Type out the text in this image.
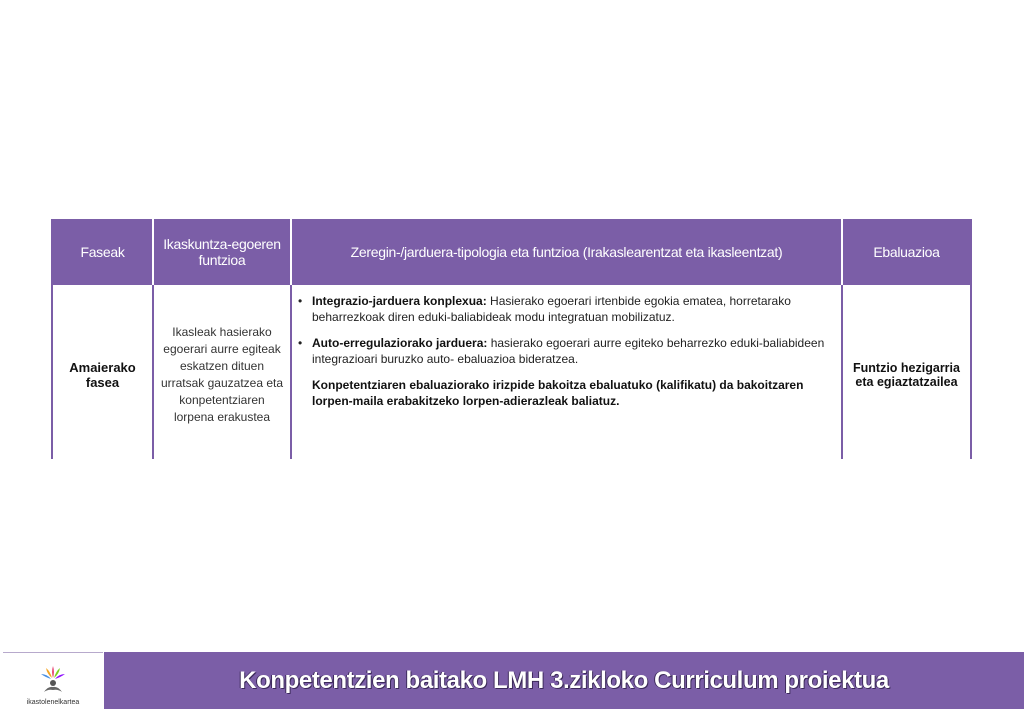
Faseak	Ikaskuntza-egoeren funtzioa	Zeregin-/jarduera-tipologia eta funtzioa (Irakaslearentzat eta ikasleentzat)	Ebaluazioa
Amaierako fasea	Ikasleak hasierako egoerari aurre egiteak eskatzen dituen urratsak gauzatzea eta konpetentziaren lorpena erakustea	• Integrazio-jarduera konplexua: Hasierako egoerari irtenbide egokia ematea, horretarako beharrezkoak diren eduki-baliabideak modu integratuan mobilizatuz.
• Auto-erregulaziorako jarduera: hasierako egoerari aurre egiteko beharrezko eduki-baliabideen integrazioari buruzko auto- ebaluazioa bideratzea.
Konpetentziaren ebaluaziorako irizpide bakoitza ebaluatuko (kalifikatu) da bakoitzaren lorpen-maila erabakitzeko lorpen-adierazleak baliatuz.	Funtzio hezigarria eta egiaztatzailea

ikastolenelkartea
Konpetentzien baitako LMH 3.zikloko Curriculum proiektua
